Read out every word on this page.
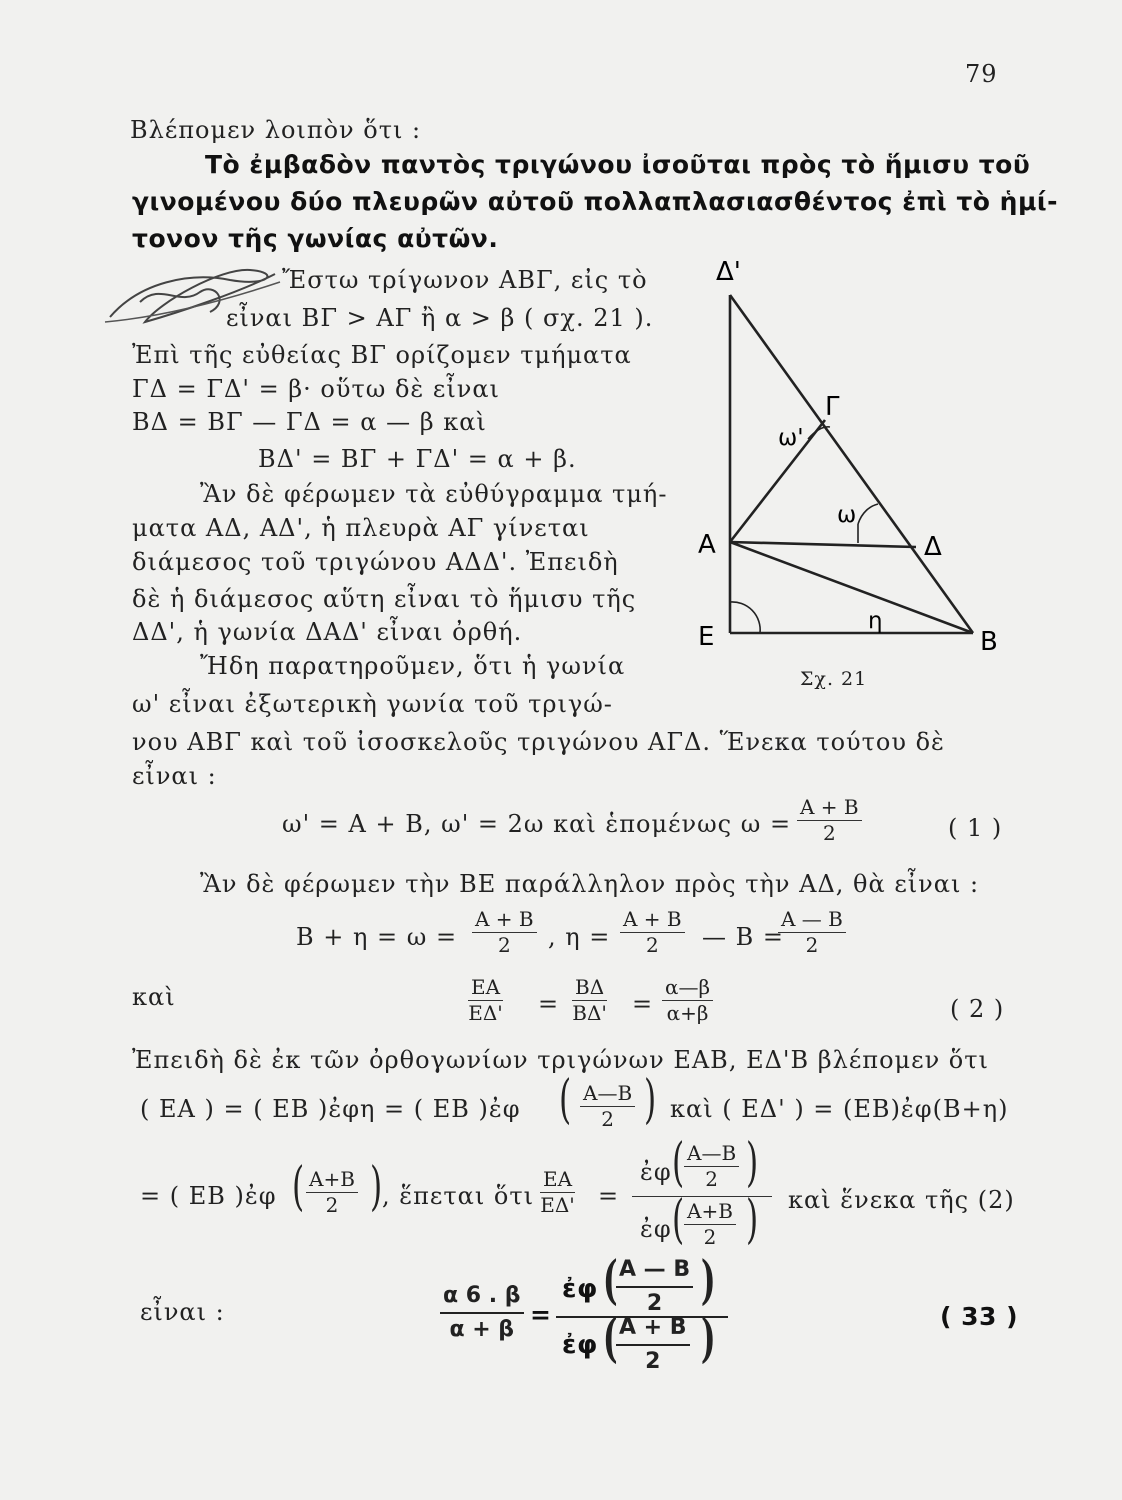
79
Βλέπομεν λοιπὸν ὅτι :
Τὸ ἐμβαδὸν παντὸς τριγώνου ἰσοῦται πρὸς τὸ ἥμισυ τοῦ
γινομένου δύο πλευρῶν αὐτοῦ πολλαπλασιασθέντος ἐπὶ τὸ ἡμί-
τονον τῆς γωνίας αὐτῶν.
Ἔστω τρίγωνον ΑΒΓ, εἰς τὸ
εἶναι ΒΓ > ΑΓ ἢ α > β ( σχ. 21 ).
Ἐπὶ τῆς εὐθείας ΒΓ ορίζομεν τμήματα
ΓΔ = ΓΔ' = β· οὕτω δὲ εἶναι
ΒΔ = ΒΓ — ΓΔ = α — β καὶ
ΒΔ' = ΒΓ + ΓΔ' = α + β.
Ἂν δὲ φέρωμεν τὰ εὐθύγραμμα τμή-
ματα ΑΔ, ΑΔ', ἡ πλευρὰ ΑΓ γίνεται
διάμεσος τοῦ τριγώνου ΑΔΔ'. Ἐπειδὴ
δὲ ἡ διάμεσος αὕτη εἶναι τὸ ἥμισυ τῆς
ΔΔ', ἡ γωνία ΔΑΔ' εἶναι ὀρθή.
Ἤδη παρατηροῦμεν, ὅτι ἡ γωνία
ω' εἶναι ἐξωτερικὴ γωνία τοῦ τριγώ-
νου ΑΒΓ καὶ τοῦ ἰσοσκελοῦς τριγώνου ΑΓΔ. Ἕνεκα τούτου δὲ
εἶναι :
Δ'
Γ
ω'
ω
Α	Δ
Ε	Β
η
Σχ. 21
ω' = Α + Β, ω' = 2ω καὶ ἑπομένως $\omega = \frac{A + B}{2}$	( 1 )
Ἂν δὲ φέρωμεν τὴν ΒΕ παράλληλον πρὸς τὴν ΑΔ, θὰ εἶναι :
$B + \eta = \omega = \frac{A + B}{2}$ , $\eta = \frac{A + B}{2}$ — Β =
$\frac{A — B}{2}$
καὶ	$\frac{EA}{E\Delta'} = \frac{B\Delta}{B\Delta'} = \frac{\alpha—\beta}{\alpha+\beta}$	( 2 )
Ἐπειδὴ δὲ ἐκ τῶν ὀρθογωνίων τριγώνων ΕΑΒ, ΕΔ'Β βλέπομεν ὅτι
( ΕΑ ) = ( ΕΒ )ἐφη = ( ΕΒ )ἐφ ( $\frac{A—B}{2}$ ) καὶ ( ΕΔ' ) = (ΕΒ)ἐφ(Β+η)
= ( ΕΒ )ἐφ ( $\frac{A+B}{2}$ ) , ἕπεται ὅτι $\frac{EA}{E\Delta'}$ =
ἐφ ( $\frac{A—B}{2}$ )
ἐφ ( $\frac{A+B}{2}$ ) καὶ ἕνεκα τῆς (2)
εἶναι :	$\frac{\alpha 6 . \beta}{\alpha + \beta}$ =
ἐφ (
$\frac{A — B}{2}$ )
ἐφ (
$\frac{A + B}{2}$ )	( 33 )
